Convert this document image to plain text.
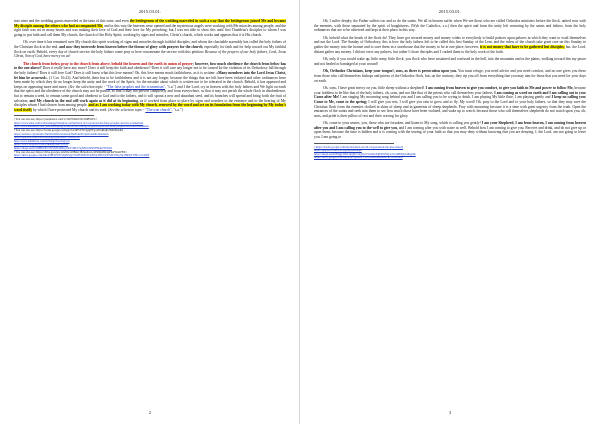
2015.03.01.

into wine and the wedding guests marveled at the taste of this wine, and even the bridegroom of the wedding marveled in such a way that the bridegroom joined Me and became My disciple among the others who had accompanied Me, and in this way the heavens were opened and the mysterious angels were working with Me miracles among people, and the right faith was set in many hearts and was making their love of God and their love for My preaching, but I was not able to show this until first Thaddeus's disciples to whom I was going to put faith and call them My church, the church of the Holy Spirit, working by signs and miracles, Christ's church, which works and appears that it is His church.

Oh, over time it has remained over My church this spirit working of signs and miracles through faithful disciples, and whom the charitable assembly has called the holy fathers of the Christian flock in the end, and now they intercede from heaven before the throne of glory with prayers for the church, especially for faith and for help toward our My faithful flock on earth. Behold, every day of church service the holy fathers come pray or here concatenate the service with this petition: Because of the prayers of our holy fathers, Lord, Jesus Christ, Son of God, have mercy on us!

The church from below pray to the church from above, behold the heaven and the earth in union of prayer; however, how much obedience the church from below has to the one above? Does it really have any more? Does it still keep the faith and obedience? Does it still care any longer not to be caused by the violation of its Orthodoxy fall through the holy fathers? Does it still love God? Does it still know what this love means? Oh, this love means much faithfulness, as it is written: «Many members into the Lord Jesus Christ, let him be accursed». (1 Cor. 16:22). And behold, there has to be faithfulness and it is not any longer, because the things that are left have been violated and other ordinances have been made by which they do no longer keep the unity and the work of the Spirit, for the mistake about which is written not to be tolerated in the church. Behold, it has appeared and keeps on appearing more and more. (See the selection topic - "The false prophet and the ecumenism", "s.a.") and I the Lord, cry in heaven with the holy fathers and We fight on earth that the spirit and the obedience of the church may not be partial, so that it may not pervert completely and from everywhere, so that it may not perish the whole flock in disobedience, but to remain a seed, to remain some good and obedient to God and to the fathers, and it will sprout a new and abundant seed, and its branches will spread and bring forth the fruit of salvation, and My church in the end will work again as it did at its beginning, as if worked from place to place by signs and wonders to the entrance and to the hearing of My disciples whom I had chosen from among people, and as I am working today with My church, renewed by the word and set on its foundation from the beginning by My today's word itself; by which I have protected My church and its seed. (See the selection topic - "The true church", "s.a.")

¹ You can also see: https://josephanca.com/v7xb07Mu0U3GSMBWE1J

https://www.adze.com/w/theremigpplWApfaw.onTheWord-of-God-about-the-false-prophet-and-the-ecumenism

http://www.thesaints.com/_ebooks/dujung/in-the-word-coming-of-jesus-about-the-false-prophet-and-the-ecumenism

² You can also see: https://books.google.com/gp/?id=9P5YNc5gQ9Ygo4S5qRQEZ8A0MAR4

https://archive.org/details/TheWordOfGodAboutTheFalseProphetAndEcumenism

https://app.box.com/s/8rNb0g9ng.ktjBd5e40t7c42aajvbb

http://www.fsmhm.be.com/fr/dobgvd/ve/tug/q/b

https://www.dropbox.com/s/ikanzyt4dfl5/icn/d

https://mega.nz/#!d12HKNbV!KYIsN4Ii9nyZKV/6B/V5gSB5vmH/NHS4nZ95NP4

³ You can also see: https://drive.google.com/file/d/0B4xcf8ZpnKw1z1PtDdp8RrtgPtkPWAWBT1

https://drive.google.com/file/d/0BVeV8c52pP0vjp77eOFdN42TGbMvpTBw0y3LM2V8LpYq1HhXjTUHv-Cu%f8T

2
2015.03.01.

Oh, I suffer deeply; the Father suffers too and so do the saints. We all in heaven suffer when We see those who are called Orthodox ministers before the flock, united now with the enemies, with those separated by the spirit of haughtiness. (Wyb the Catholics, s.o.) then the spirit and from the unity left venturing by the saints and fathers, from the holy ordinances that are to be observed and kept at their place in this way.

Oh, behold what the heads of the flock do! They have got secured money and money winks to everybody to build palaces upon palaces in which they want to exalt themselves and not the Lord. The Sunday of Orthodoxy, this is how the holy fathers left to be called this first Sunday of the Lent, and the rulers of the church take great care on this Sunday to gather the money into the bonnet and to save them in a storehouse that the money to be at one place; however, it is not money that have to be gathered but disciples, but, the Lord, distant gather any money. I did not erect any palaces, but rather I chose disciples and I curbed them to the holy work of the faith.

Oh, only if you would wake up, little army, little flock, you flock who have sustained and confused in the hell, into the mountain and in the plains, walking toward this my peace and not healed or bandaged at your wound!

Oh, Orthodox Christians, keep your tongue!, sons, as there is persecution upon you. You must refuge, you need advice and you need comfort, and no one gives you these from those who call themselves bishops and priests of the Orthodox flock, but, on the contrary, they rip you off from everything that you may aim for those that you need for your days on earth.

Oh, sons, I have great mercy on you, little sheep without a shepherd! I am coming from heaven to give you comfort, to give you faith in Me and power to follow Me, because your faithless to be like that of the holy fathers, oh, sons, and not like that of the priests who call themselves your fathers. I am coming as word on earth and I am calling out to you: Come after Me! I am singing My mourning song behind you and I am calling you to be crying to drink. I am playing My little flute, I am playing gently and I keep on calling you: Come to Me, come to the spring; I will give you rest, I will give you rain to grow and to fly. My word! Oh, pray to the Lord and to your holy fathers, so that they may save the Christian flock from the enemies clothed in skins of sheep and in garments of sheep shepherds. Pray with mourning because it is a time with great urgency from the truth. Open the entrances of the saints and seek into them to see how much those have been violated, and wake up to watch, because those who call themselves shepherds do not watch upon you, oh, sons, and pride is their pillow of rest and their craving for glory.

Oh, come to your senses, you, those who are forsaken, and listen to My song, which is calling you gently! I am your Shepherd, I am from heaven, I am coming from heaven after you and I am calling you to the well to give you, and I am coming after you with water as well. Behold how I am coming to give you. Receive and drink, and do not give up or upon them; because the time is hidden and it is coming with the tearing of your faith so that you may deny without knowing that you are denying, I, the Lord, am not going to leave you. I am going to

⁴ https://books.google.com/ebooks/ehob-wrord-of-god-about-the-true-church

https://app.box.com/s/rb8ygfaqtqdafatqdl

https://mega.nz/#!09QgL8D!t1kgPj1GtQ2p21Wb4U2Q83Nxfl0ywJ1G9H3Npz4lbgc6k

https://drive.google.com/file/d/0B5gm8rZ73316H8MbxKlleDTktY1d8fd2xf

3
